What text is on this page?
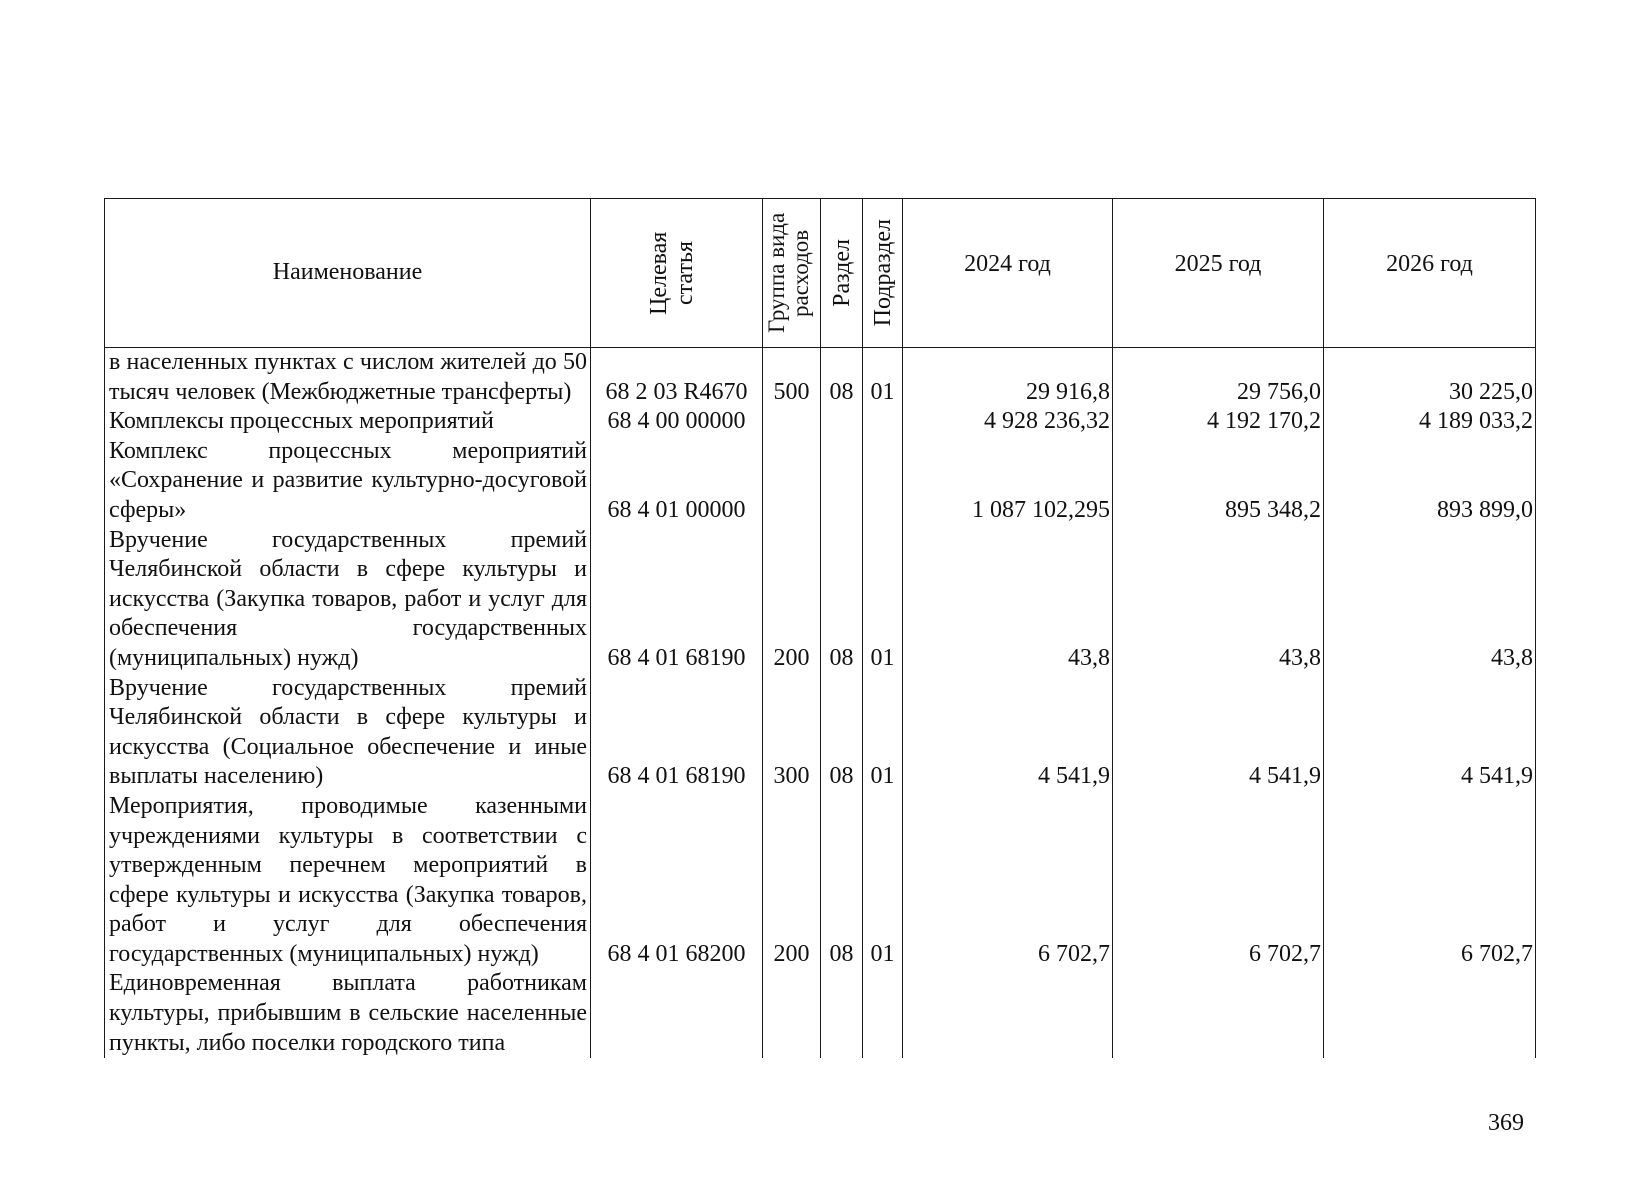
Наименование	Целевая статья	Группа вида расходов	Раздел	Подраздел	2024 год	2025 год	2026 год

в населенных пунктах с числом жителей до 50 тысяч человек (Межбюджетные трансферты)	68 2 03 R4670	500	08	01	29 916,8	29 756,0	30 225,0
Комплексы процессных мероприятий	68 4 00 00000				4 928 236,32	4 192 170,2	4 189 033,2
Комплекс процессных мероприятий «Сохранение и развитие культурно-досуговой сферы»	68 4 01 00000				1 087 102,295	895 348,2	893 899,0
Вручение государственных премий Челябинской области в сфере культуры и искусства (Закупка товаров, работ и услуг для обеспечения государственных (муниципальных) нужд)	68 4 01 68190	200	08	01	43,8	43,8	43,8
Вручение государственных премий Челябинской области в сфере культуры и искусства (Социальное обеспечение и иные выплаты населению)	68 4 01 68190	300	08	01	4 541,9	4 541,9	4 541,9
Мероприятия, проводимые казенными учреждениями культуры в соответствии с утвержденным перечнем мероприятий в сфере культуры и искусства (Закупка товаров, работ и услуг для обеспечения государственных (муниципальных) нужд)	68 4 01 68200	200	08	01	6 702,7	6 702,7	6 702,7
Единовременная выплата работникам культуры, прибывшим в сельские населенные пункты, либо поселки городского типа							
369
